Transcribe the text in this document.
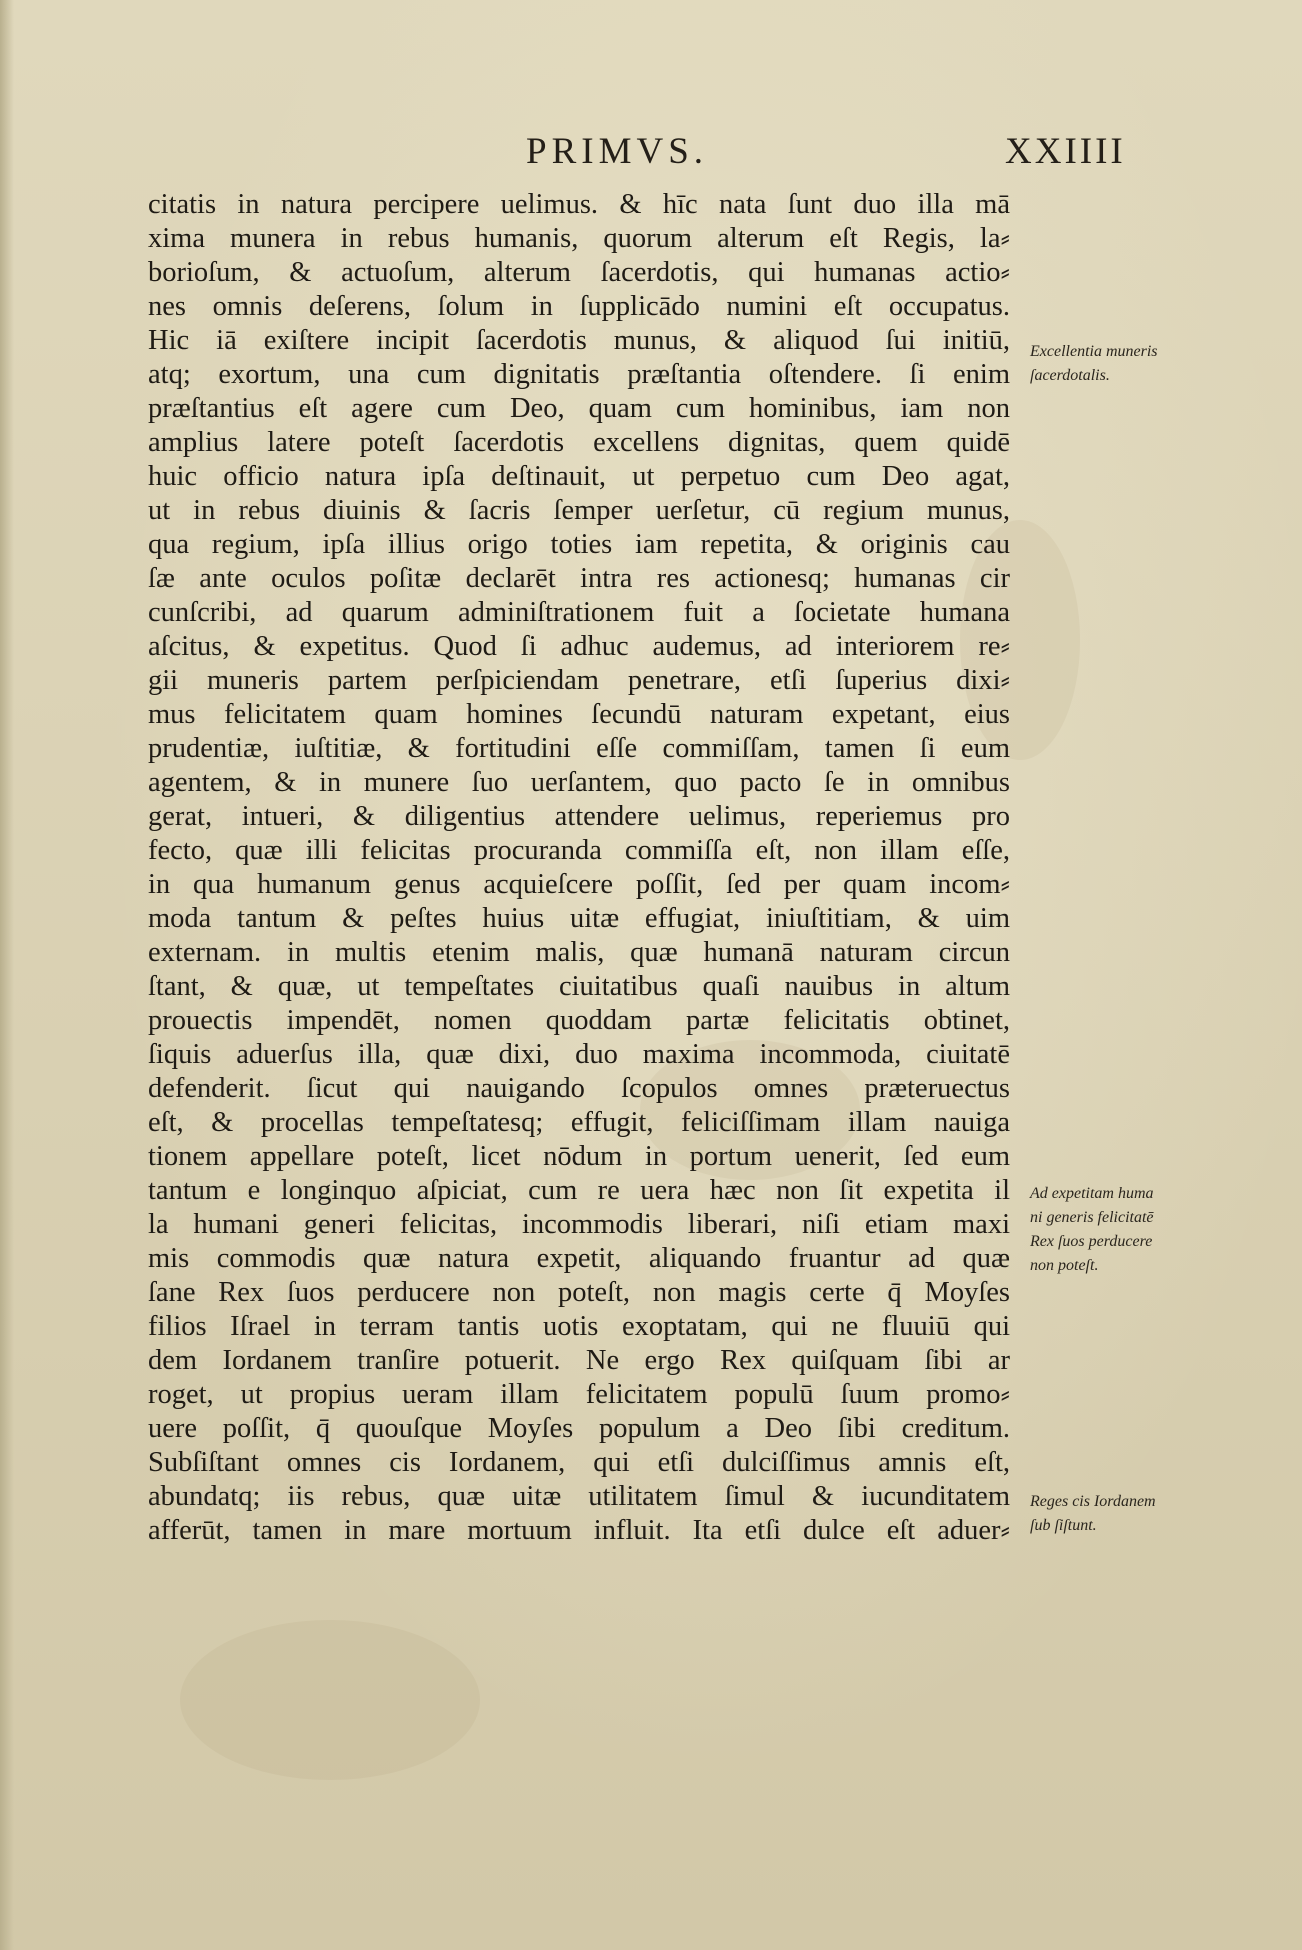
PRIMVS.	XXIIII
citatis in natura percipere uelimus. & hīc nata ſunt duo illa mā
xima munera in rebus humanis, quorum alterum eſt Regis, la⸗
borioſum, & actuoſum, alterum ſacerdotis, qui humanas actio⸗
nes omnis deſerens, ſolum in ſupplicādo numini eſt occupatus.
Hic iā exiſtere incipit ſacerdotis munus, & aliquod ſui initiū,
atq; exortum, una cum dignitatis præſtantia oſtendere. ſi enim
præſtantius eſt agere cum Deo, quam cum hominibus, iam non
amplius latere poteſt ſacerdotis excellens dignitas, quem quidē
huic officio natura ipſa deſtinauit, ut perpetuo cum Deo agat,
ut in rebus diuinis & ſacris ſemper uerſetur, cū regium munus,
qua regium, ipſa illius origo toties iam repetita, & originis cau
ſæ ante oculos poſitæ declarēt intra res actionesq; humanas cir
cunſcribi, ad quarum adminiſtrationem fuit a ſocietate humana
aſcitus, & expetitus. Quod ſi adhuc audemus, ad interiorem re⸗
gii muneris partem perſpiciendam penetrare, etſi ſuperius dixi⸗
mus felicitatem quam homines ſecundū naturam expetant, eius
prudentiæ, iuſtitiæ, & fortitudini eſſe commiſſam, tamen ſi eum
agentem, & in munere ſuo uerſantem, quo pacto ſe in omnibus
gerat, intueri, & diligentius attendere uelimus, reperiemus pro
fecto, quæ illi felicitas procuranda commiſſa eſt, non illam eſſe,
in qua humanum genus acquieſcere poſſit, ſed per quam incom⸗
moda tantum & peſtes huius uitæ effugiat, iniuſtitiam, & uim
externam. in multis etenim malis, quæ humanā naturam circun
ſtant, & quæ, ut tempeſtates ciuitatibus quaſi nauibus in altum
prouectis impendēt, nomen quoddam partæ felicitatis obtinet,
ſiquis aduerſus illa, quæ dixi, duo maxima incommoda, ciuitatē
defenderit. ſicut qui nauigando ſcopulos omnes præteruectus
eſt, & procellas tempeſtatesq; effugit, feliciſſimam illam nauiga
tionem appellare poteſt, licet nōdum in portum uenerit, ſed eum
tantum e longinquo aſpiciat, cum re uera hæc non ſit expetita il
la humani generi felicitas, incommodis liberari, niſi etiam maxi
mis commodis quæ natura expetit, aliquando fruantur ad quæ
ſane Rex ſuos perducere non poteſt, non magis certe q̄ Moyſes
filios Iſrael in terram tantis uotis exoptatam, qui ne fluuiū qui
dem Iordanem tranſire potuerit. Ne ergo Rex quiſquam ſibi ar
roget, ut propius ueram illam felicitatem populū ſuum promo⸗
uere poſſit, q̄ quouſque Moyſes populum a Deo ſibi creditum.
Subſiſtant omnes cis Iordanem, qui etſi dulciſſimus amnis eſt,
abundatq; iis rebus, quæ uitæ utilitatem ſimul & iucunditatem
afferūt, tamen in mare mortuum influit. Ita etſi dulce eſt aduer⸗
Excellentia muneris
ſacerdotalis.
Ad expetitam huma
ni generis felicitatē
Rex ſuos perducere
non poteſt.
Reges cis Iordanem
ſub ſiſtunt.
